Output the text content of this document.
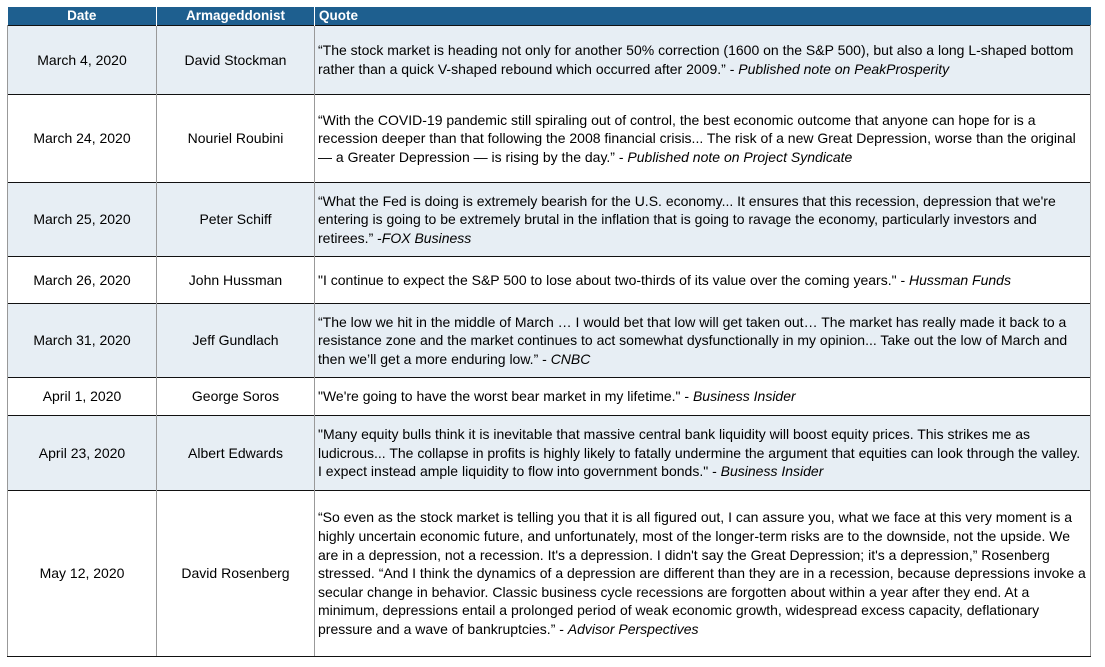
Date	Armageddonist	Quote
March 4, 2020	David Stockman	“The stock market is heading not only for another 50% correction (1600 on the S&P 500), but also a long L-shaped bottom rather than a quick V-shaped rebound which occurred after 2009.” - Published note on PeakProsperity
March 24, 2020	Nouriel Roubini	“With the COVID-19 pandemic still spiraling out of control, the best economic outcome that anyone can hope for is a recession deeper than that following the 2008 financial crisis... The risk of a new Great Depression, worse than the original — a Greater Depression — is rising by the day.” - Published note on Project Syndicate
March 25, 2020	Peter Schiff	“What the Fed is doing is extremely bearish for the U.S. economy... It ensures that this recession, depression that we're entering is going to be extremely brutal in the inflation that is going to ravage the economy, particularly investors and retirees.” -FOX Business
March 26, 2020	John Hussman	"I continue to expect the S&P 500 to lose about two-thirds of its value over the coming years." - Hussman Funds
March 31, 2020	Jeff Gundlach	“The low we hit in the middle of March … I would bet that low will get taken out… The market has really made it back to a resistance zone and the market continues to act somewhat dysfunctionally in my opinion... Take out the low of March and then we’ll get a more enduring low.” - CNBC
April 1, 2020	George Soros	"We're going to have the worst bear market in my lifetime." - Business Insider
April 23, 2020	Albert Edwards	"Many equity bulls think it is inevitable that massive central bank liquidity will boost equity prices. This strikes me as ludicrous... The collapse in profits is highly likely to fatally undermine the argument that equities can look through the valley. I expect instead ample liquidity to flow into government bonds." - Business Insider
May 12, 2020	David Rosenberg	“So even as the stock market is telling you that it is all figured out, I can assure you, what we face at this very moment is a highly uncertain economic future, and unfortunately, most of the longer-term risks are to the downside, not the upside. We are in a depression, not a recession. It's a depression. I didn't say the Great Depression; it's a depression,” Rosenberg stressed. “And I think the dynamics of a depression are different than they are in a recession, because depressions invoke a secular change in behavior. Classic business cycle recessions are forgotten about within a year after they end. At a minimum, depressions entail a prolonged period of weak economic growth, widespread excess capacity, deflationary pressure and a wave of bankruptcies.” - Advisor Perspectives
